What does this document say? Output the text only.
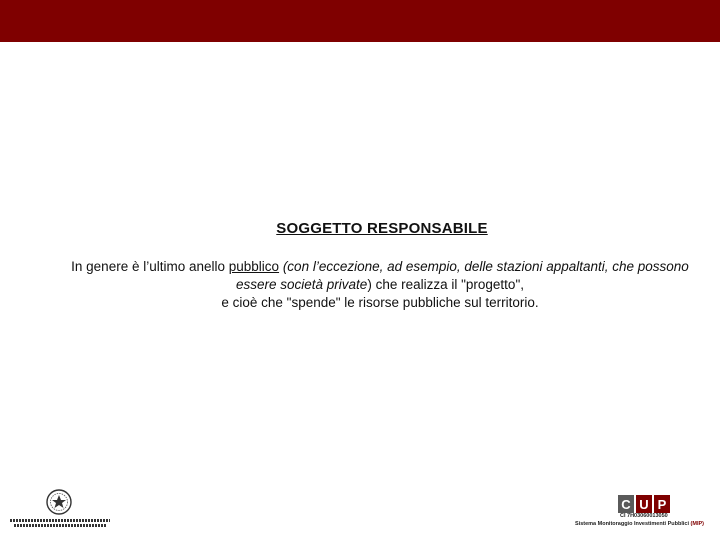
SOGGETTO RESPONSABILE
In genere è l’ultimo anello pubblico (con l’eccezione, ad esempio, delle stazioni appaltanti, che possono
essere società private) che realizza il "progetto",
e cioè che "spende" le risorse pubbliche sul territorio.
C U P
CI 7H03060013050
Sistema Monitoraggio Investimenti Pubblici (MIP)
